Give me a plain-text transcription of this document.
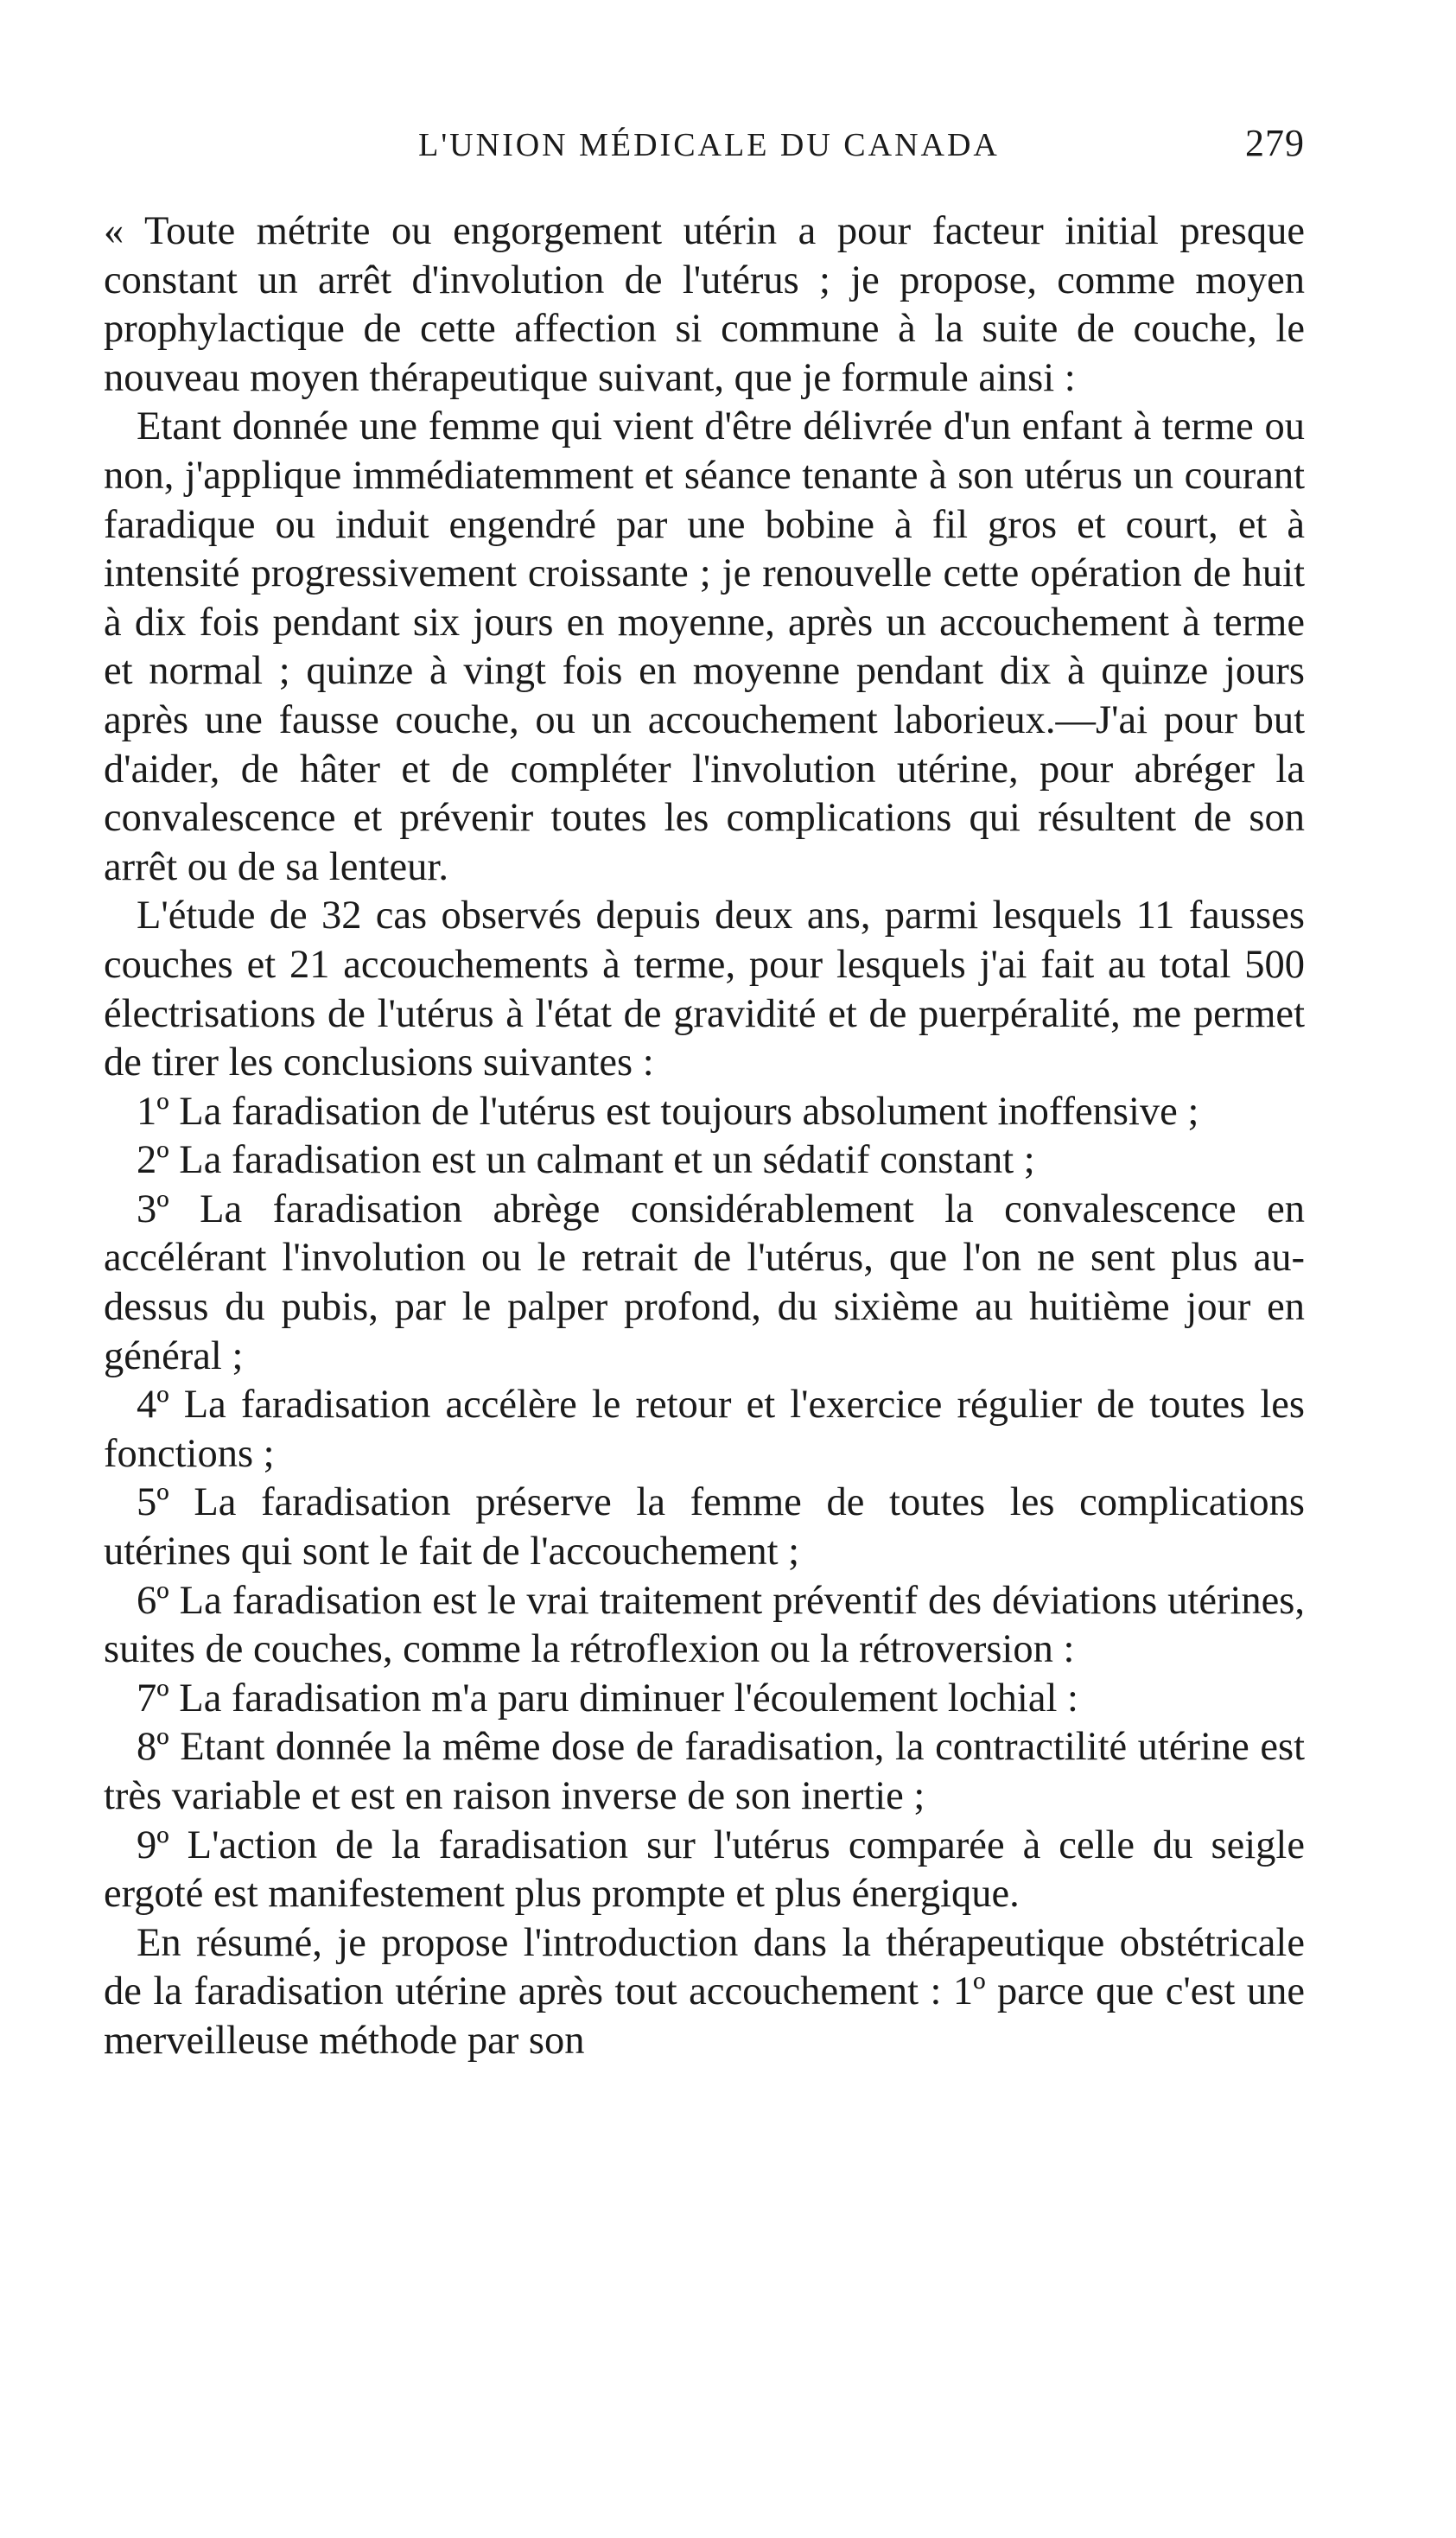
L'UNION MÉDICALE DU CANADA	279

« Toute métrite ou engorgement utérin a pour facteur initial presque constant un arrêt d'involution de l'utérus ; je propose, comme moyen prophylactique de cette affection si commune à la suite de couche, le nouveau moyen thérapeutique suivant, que je formule ainsi :

Etant donnée une femme qui vient d'être délivrée d'un enfant à terme ou non, j'applique immédiatemment et séance tenante à son utérus un courant faradique ou induit engendré par une bobine à fil gros et court, et à intensité progressivement croissante ; je renouvelle cette opération de huit à dix fois pendant six jours en moyenne, après un accouchement à terme et normal ; quinze à vingt fois en moyenne pendant dix à quinze jours après une fausse couche, ou un accouchement laborieux.—J'ai pour but d'aider, de hâter et de compléter l'involution utérine, pour abréger la convalescence et prévenir toutes les complications qui résultent de son arrêt ou de sa lenteur.

L'étude de 32 cas observés depuis deux ans, parmi lesquels 11 fausses couches et 21 accouchements à terme, pour lesquels j'ai fait au total 500 électrisations de l'utérus à l'état de gravidité et de puerpéralité, me permet de tirer les conclusions suivantes :

1º La faradisation de l'utérus est toujours absolument inoffensive ;

2º La faradisation est un calmant et un sédatif constant ;

3º La faradisation abrège considérablement la convalescence en accélérant l'involution ou le retrait de l'utérus, que l'on ne sent plus au-dessus du pubis, par le palper profond, du sixième au huitième jour en général ;

4º La faradisation accélère le retour et l'exercice régulier de toutes les fonctions ;

5º La faradisation préserve la femme de toutes les complications utérines qui sont le fait de l'accouchement ;

6º La faradisation est le vrai traitement préventif des déviations utérines, suites de couches, comme la rétroflexion ou la rétroversion :

7º La faradisation m'a paru diminuer l'écoulement lochial :

8º Etant donnée la même dose de faradisation, la contractilité utérine est très variable et est en raison inverse de son inertie ;

9º L'action de la faradisation sur l'utérus comparée à celle du seigle ergoté est manifestement plus prompte et plus énergique.

En résumé, je propose l'introduction dans la thérapeutique obstétricale de la faradisation utérine après tout accouchement : 1º parce que c'est une merveilleuse méthode par son
